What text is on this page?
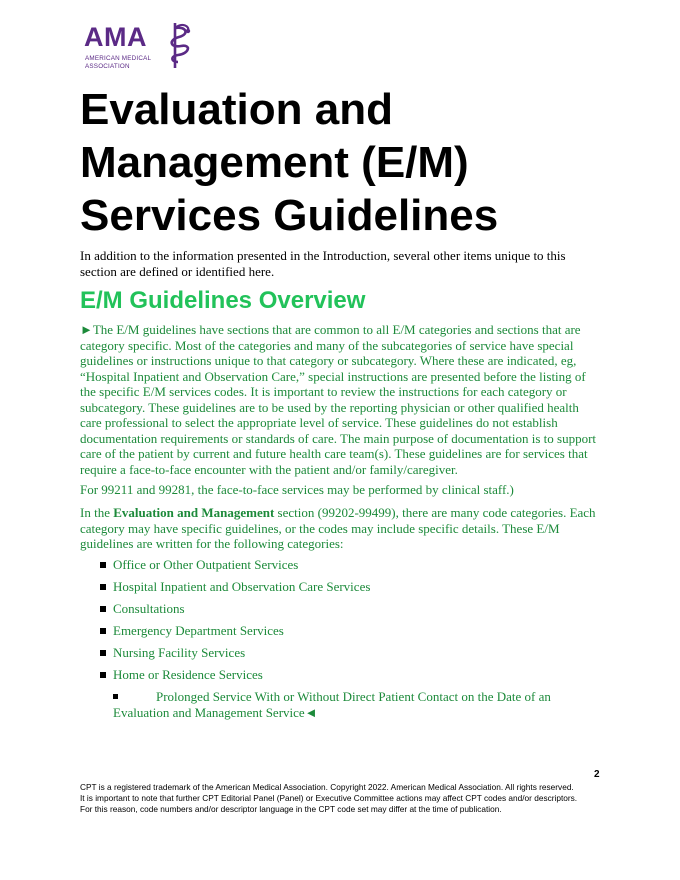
AMA
AMERICAN MEDICAL
ASSOCIATION
Evaluation and Management (E/M) Services Guidelines

In addition to the information presented in the Introduction, several other items unique to this section are defined or identified here.

E/M Guidelines Overview

►The E/M guidelines have sections that are common to all E/M categories and sections that are category specific. Most of the categories and many of the subcategories of service have special guidelines or instructions unique to that category or subcategory. Where these are indicated, eg, “Hospital Inpatient and Observation Care,” special instructions are presented before the listing of the specific E/M services codes. It is important to review the instructions for each category or subcategory. These guidelines are to be used by the reporting physician or other qualified health care professional to select the appropriate level of service. These guidelines do not establish documentation requirements or standards of care. The main purpose of documentation is to support care of the patient by current and future health care team(s). These guidelines are for services that require a face-to-face encounter with the patient and/or family/caregiver.

For 99211 and 99281, the face-to-face services may be performed by clinical staff.)

In the Evaluation and Management section (99202-99499), there are many code categories. Each category may have specific guidelines, or the codes may include specific details. These E/M guidelines are written for the following categories:

Office or Other Outpatient Services
Hospital Inpatient and Observation Care Services
Consultations
Emergency Department Services
Nursing Facility Services
Home or Residence Services

Prolonged Service With or Without Direct Patient Contact on the Date of an Evaluation and Management Service◄

2

CPT is a registered trademark of the American Medical Association. Copyright 2022. American Medical Association. All rights reserved. It is important to note that further CPT Editorial Panel (Panel) or Executive Committee actions may affect CPT codes and/or descriptors. For this reason, code numbers and/or descriptor language in the CPT code set may differ at the time of publication.
